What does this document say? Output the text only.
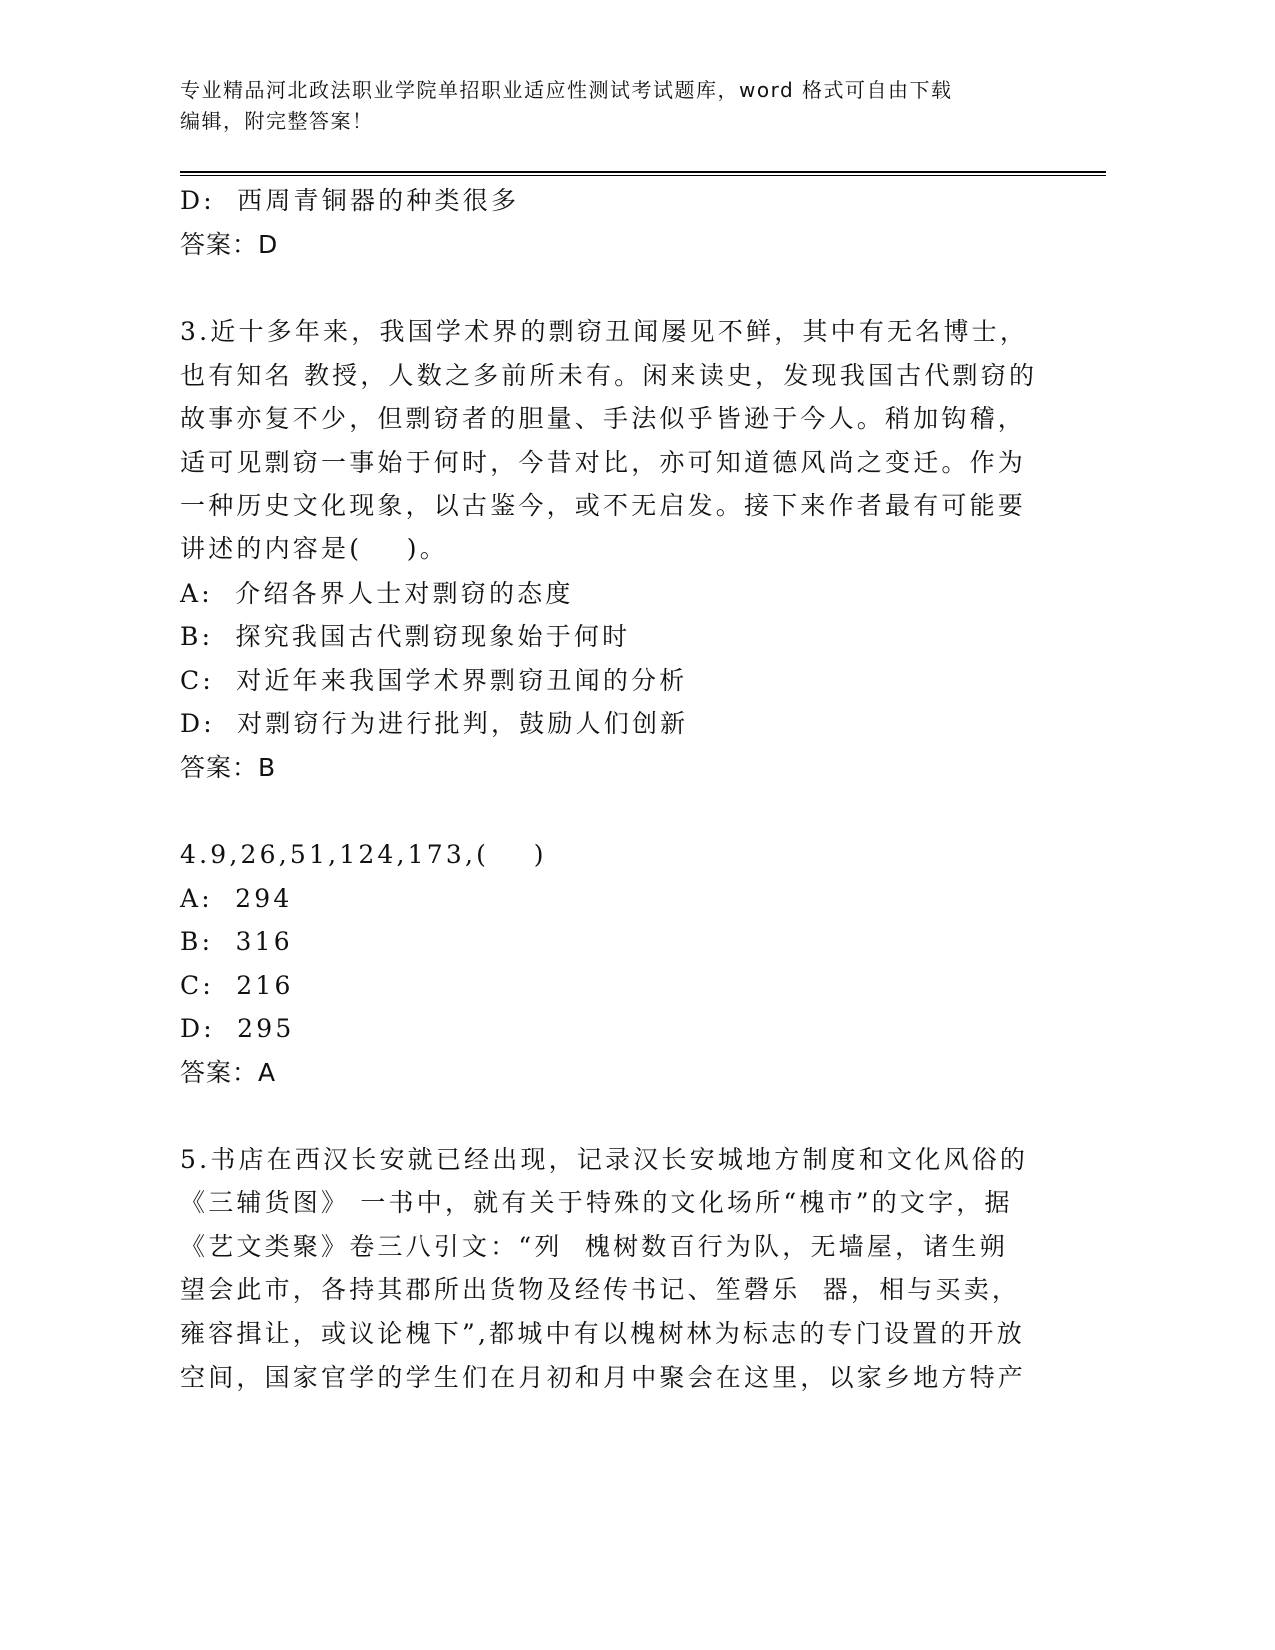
专业精品河北政法职业学院单招职业适应性测试考试题库，word 格式可自由下载
编辑，附完整答案！
D:  西周青铜器的种类很多
答案：D
3.近十多年来，我国学术界的剽窃丑闻屡见不鲜，其中有无名博士，
也有知名 教授，人数之多前所未有。闲来读史，发现我国古代剽窃的
故事亦复不少，但剽窃者的胆量、手法似乎皆逊于今人。稍加钩稽，
适可见剽窃一事始于何时，今昔对比，亦可知道德风尚之变迁。作为
一种历史文化现象，以古鉴今，或不无启发。接下来作者最有可能要
讲述的内容是(    )。
A:  介绍各界人士对剽窃的态度
B:  探究我国古代剽窃现象始于何时
C:  对近年来我国学术界剽窃丑闻的分析
D:  对剽窃行为进行批判，鼓励人们创新
答案：B
4.9,26,51,124,173,(    )
A:  294
B:  316
C:  216
D:  295
答案：A
5.书店在西汉长安就已经出现，记录汉长安城地方制度和文化风俗的
《三辅货图》 一书中，就有关于特殊的文化场所“槐市”的文字，据
《艺文类聚》卷三八引文：“列  槐树数百行为队，无墙屋，诸生朔
望会此市，各持其郡所出货物及经传书记、笙磬乐  器，相与买卖，
雍容揖让，或议论槐下”,都城中有以槐树林为标志的专门设置的开放
空间，国家官学的学生们在月初和月中聚会在这里，以家乡地方特产
